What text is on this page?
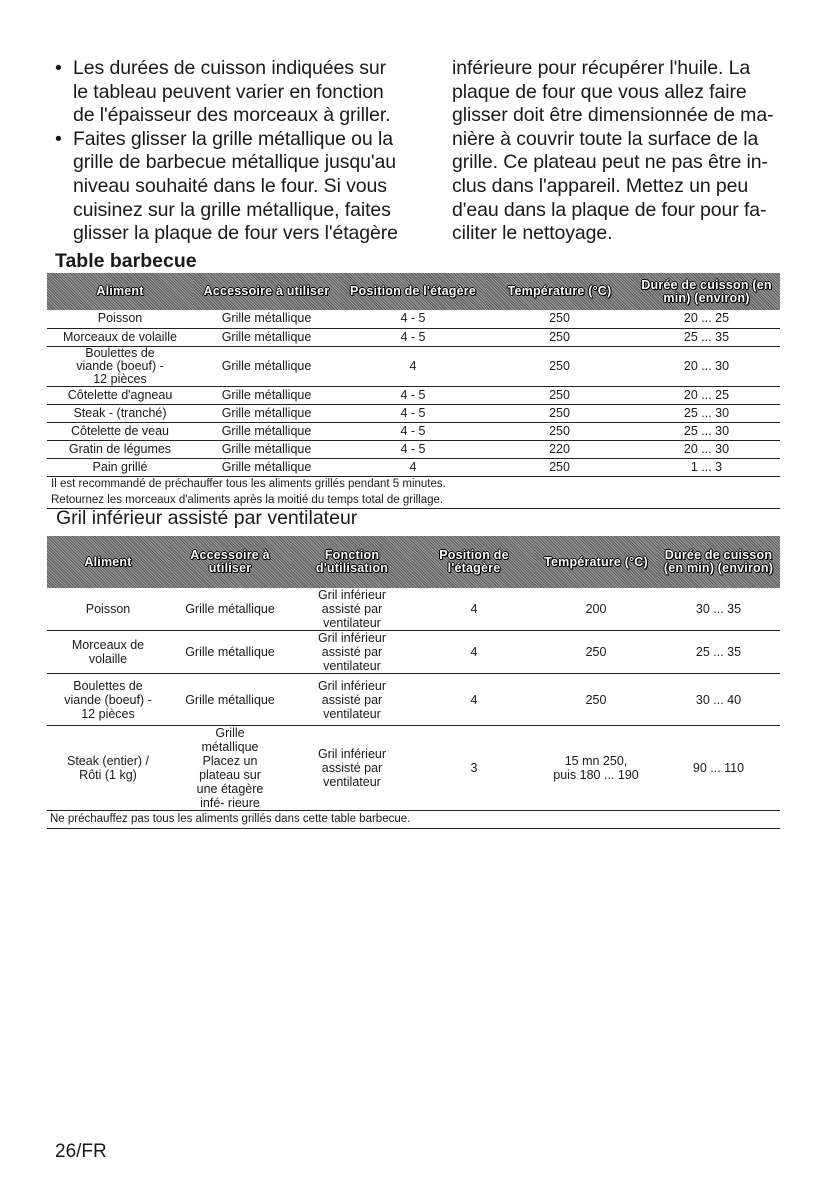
• Les durées de cuisson indiquées sur
le tableau peuvent varier en fonction
de l'épaisseur des morceaux à griller.
• Faites glisser la grille métallique ou la
grille de barbecue métallique jusqu'au
niveau souhaité dans le four. Si vous
cuisinez sur la grille métallique, faites
glisser la plaque de four vers l'étagère
inférieure pour récupérer l'huile. La
plaque de four que vous allez faire
glisser doit être dimensionnée de ma-
nière à couvrir toute la surface de la
grille. Ce plateau peut ne pas être in-
clus dans l'appareil. Mettez un peu
d'eau dans la plaque de four pour fa-
ciliter le nettoyage.
Table barbecue
Aliment	Accessoire à utiliser	Position de l'étagère	Température (°C)	Durée de cuisson (en min) (environ)
Poisson	Grille métallique	4 - 5	250	20 ... 25
Morceaux de volaille	Grille métallique	4 - 5	250	25 ... 35
Boulettes de viande (boeuf) - 12 pièces	Grille métallique	4	250	20 ... 30
Côtelette d'agneau	Grille métallique	4 - 5	250	20 ... 25
Steak - (tranché)	Grille métallique	4 - 5	250	25 ... 30
Côtelette de veau	Grille métallique	4 - 5	250	25 ... 30
Gratin de légumes	Grille métallique	4 - 5	220	20 ... 30
Pain grillé	Grille métallique	4	250	1 ... 3
Il est recommandé de préchauffer tous les aliments grillés pendant 5 minutes.				
Retournez les morceaux d'aliments après la moitié du temps total de grillage.				
Gril inférieur assisté par ventilateur
Aliment	Accessoire à utiliser	Fonction d'utilisation	Position de l'étagère	Température (°C)	Durée de cuisson (en min) (environ)
Poisson	Grille métallique	Gril inférieur assisté par ventilateur	4	200	30 ... 35
Morceaux de volaille	Grille métallique	Gril inférieur assisté par ventilateur	4	250	25 ... 35
Boulettes de viande (boeuf) - 12 pièces	Grille métallique	Gril inférieur assisté par ventilateur	4	250	30 ... 40
Steak (entier) / Rôti (1 kg)	Grille métallique Placez un plateau sur une étagère infé- rieure	Gril inférieur assisté par ventilateur	3	15 mn 250, puis 180 ... 190	90 ... 110
Ne préchauffez pas tous les aliments grillés dans cette table barbecue.					
26/FR
